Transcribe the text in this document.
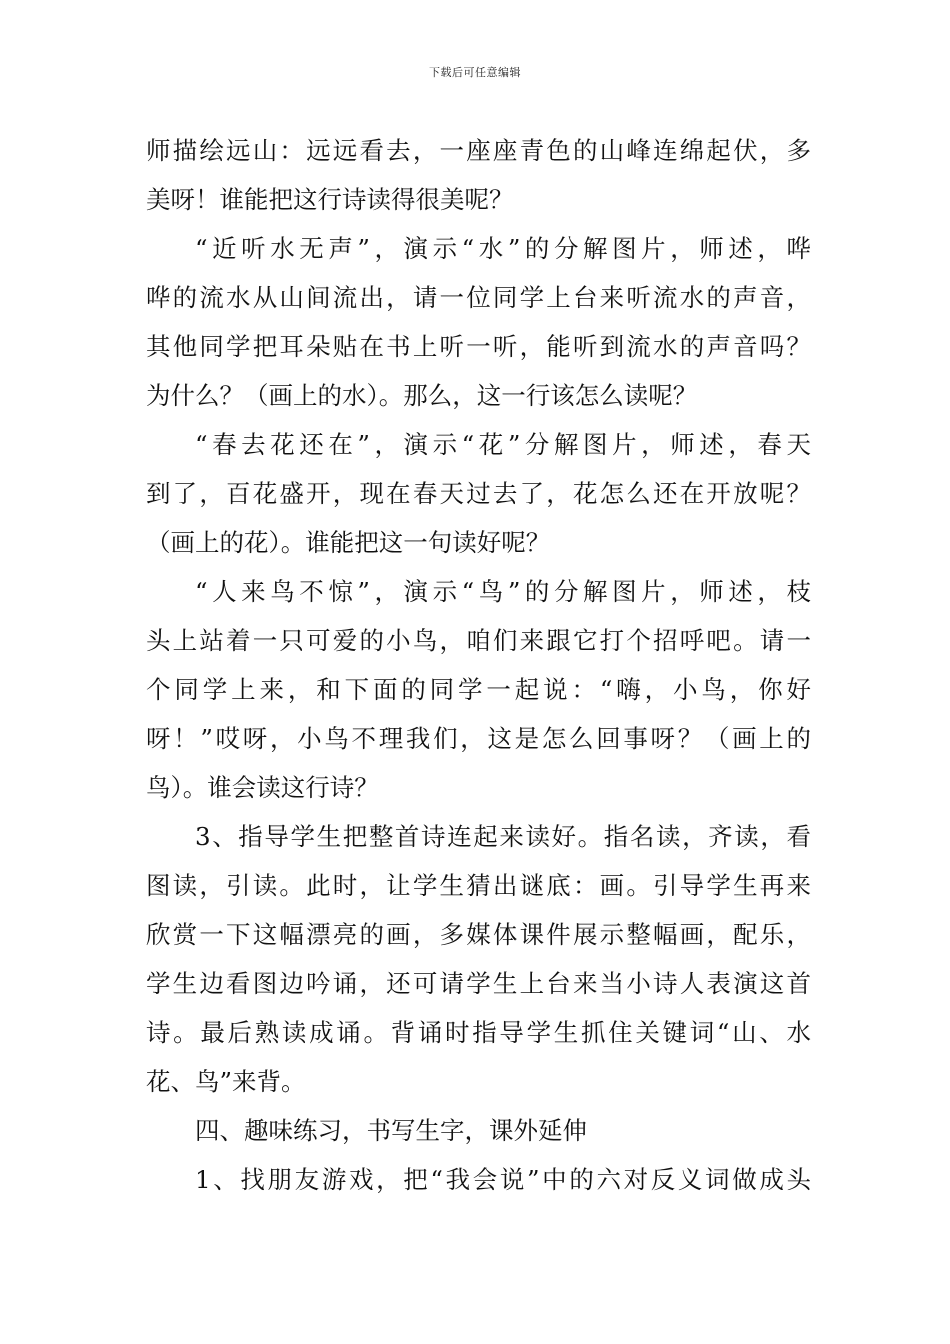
下载后可任意编辑
师描绘远山：远远看去，一座座青色的山峰连绵起伏，多
美呀！谁能把这行诗读得很美呢？
“近听水无声”，演示“水”的分解图片，师述，哗
哗的流水从山间流出，请一位同学上台来听流水的声音，
其他同学把耳朵贴在书上听一听，能听到流水的声音吗？
为什么？（画上的水）。那么，这一行该怎么读呢？
“春去花还在”，演示“花”分解图片，师述，春天
到了，百花盛开，现在春天过去了，花怎么还在开放呢？
（画上的花）。谁能把这一句读好呢？
“人来鸟不惊”，演示“鸟”的分解图片，师述，枝
头上站着一只可爱的小鸟，咱们来跟它打个招呼吧。请一
个同学上来，和下面的同学一起说：“嗨，小鸟，你好
呀！”哎呀，小鸟不理我们，这是怎么回事呀？（画上的
鸟）。谁会读这行诗？
3、指导学生把整首诗连起来读好。指名读，齐读，看
图读，引读。此时，让学生猜出谜底：画。引导学生再来
欣赏一下这幅漂亮的画，多媒体课件展示整幅画，配乐，
学生边看图边吟诵，还可请学生上台来当小诗人表演这首
诗。最后熟读成诵。背诵时指导学生抓住关键词“山、水
花、鸟”来背。
四、趣味练习，书写生字，课外延伸
1、找朋友游戏，把“我会说”中的六对反义词做成头
